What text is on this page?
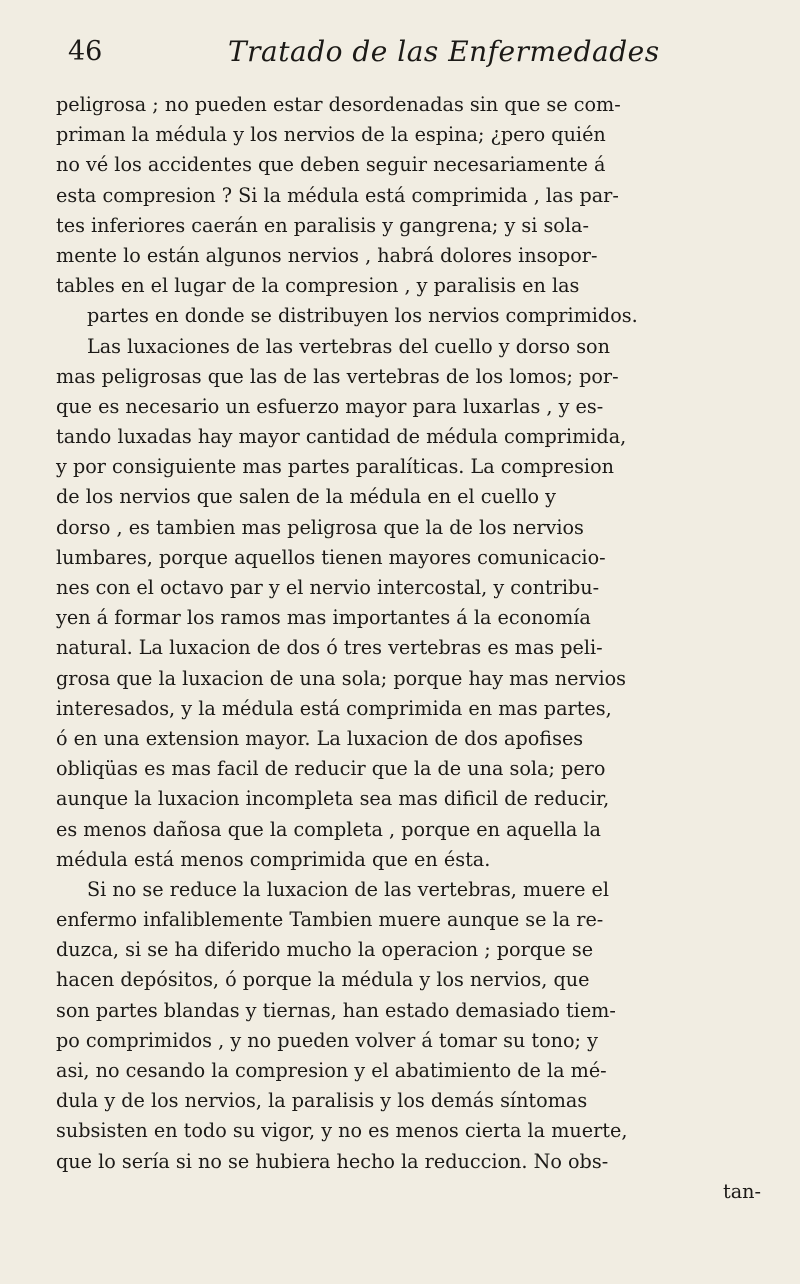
46	Tratado de las Enfermedades
peligrosa ; no pueden estar desordenadas sin que se com-
priman la médula y los nervios de la espina; ¿pero quién
no vé los accidentes que deben seguir necesariamente á
esta compresion ? Si la médula está comprimida , las par-
tes inferiores caerán en paralisis y gangrena; y si sola-
mente lo están algunos nervios , habrá dolores insopor-
tables en el lugar de la compresion , y paralisis en las
partes en donde se distribuyen los nervios comprimidos.
Las luxaciones de las vertebras del cuello y dorso son
mas peligrosas que las de las vertebras de los lomos; por-
que es necesario un esfuerzo mayor para luxarlas , y es-
tando luxadas hay mayor cantidad de médula comprimida,
y por consiguiente mas partes paralíticas. La compresion
de los nervios que salen de la médula en el cuello y
dorso , es tambien mas peligrosa que la de los nervios
lumbares, porque aquellos tienen mayores comunicacio-
nes con el octavo par y el nervio intercostal, y contribu-
yen á formar los ramos mas importantes á la economía
natural. La luxacion de dos ó tres vertebras es mas peli-
grosa que la luxacion de una sola; porque hay mas nervios
interesados, y la médula está comprimida en mas partes,
ó en una extension mayor. La luxacion de dos apofises
obliqüas es mas facil de reducir que la de una sola; pero
aunque la luxacion incompleta sea mas dificil de reducir,
es menos dañosa que la completa , porque en aquella la
médula está menos comprimida que en ésta.
Si no se reduce la luxacion de las vertebras, muere el
enfermo infaliblemente Tambien muere aunque se la re-
duzca, si se ha diferido mucho la operacion ; porque se
hacen depósitos, ó porque la médula y los nervios, que
son partes blandas y tiernas, han estado demasiado tiem-
po comprimidos , y no pueden volver á tomar su tono; y
asi, no cesando la compresion y el abatimiento de la mé-
dula y de los nervios, la paralisis y los demás síntomas
subsisten en todo su vigor, y no es menos cierta la muerte,
que lo sería si no se hubiera hecho la reduccion. No obs-
tan-
